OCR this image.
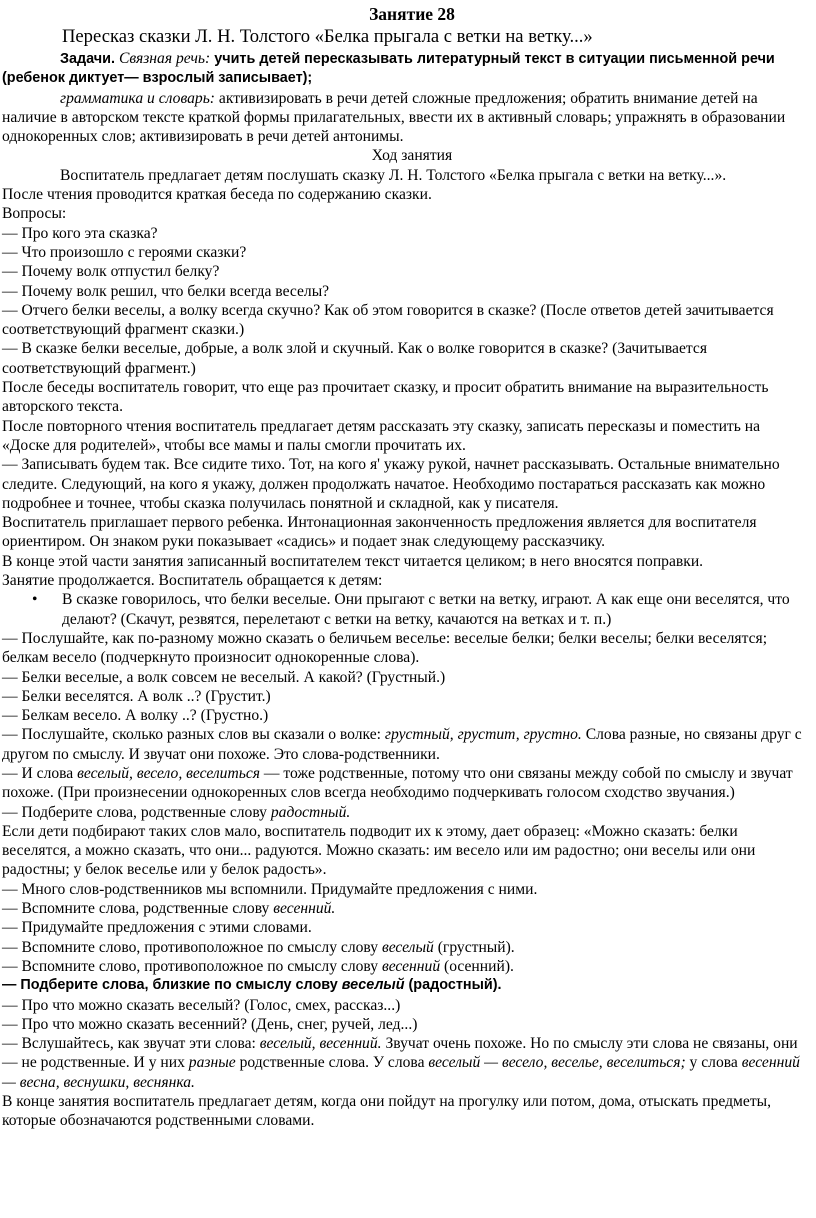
Занятие 28

Пересказ сказки Л. Н. Толстого «Белка прыгала с ветки на ветку...»

Задачи. Связная речь: учить детей пересказывать литературный текст в ситуации письменной речи (ребенок диктует— взрослый записывает);

грамматика и словарь: активизировать в речи детей сложные предложения; обратить внимание детей на наличие в авторском тексте краткой формы прилагательных, ввести их в активный словарь; упражнять в образовании однокоренных слов; активизировать в речи детей антонимы.

Ход занятия

Воспитатель предлагает детям послушать сказку Л. Н. Толстого «Белка прыгала с ветки на ветку...».

После чтения проводится краткая беседа по содержанию сказки.

Вопросы:

— Про кого эта сказка?

— Что произошло с героями сказки?

— Почему волк отпустил белку?

— Почему волк решил, что белки всегда веселы?

— Отчего белки веселы, а волку всегда скучно? Как об этом говорится в сказке? (После ответов детей зачитывается соответствующий фрагмент сказки.)

— В сказке белки веселые, добрые, а волк злой и скучный. Как о волке говорится в сказке? (Зачитывается соответствующий фрагмент.)

После беседы воспитатель говорит, что еще раз прочитает сказку, и просит обратить внимание на выразительность авторского текста.

После повторного чтения воспитатель предлагает детям рассказать эту сказку, записать пересказы и поместить на «Доске для родителей», чтобы все мамы и палы смогли прочитать их.

— Записывать будем так. Все сидите тихо. Тот, на кого я' укажу рукой, начнет рассказывать. Остальные внимательно следите. Следующий, на кого я укажу, должен продолжать начатое. Необходимо постараться рассказать как можно подробнее и точнее, чтобы сказка получилась понятной и складной, как у писателя.

Воспитатель приглашает первого ребенка. Интонационная законченность предложения является для воспитателя ориентиром. Он знаком руки показывает «садись» и подает знак следующему рассказчику.

В конце этой части занятия записанный воспитателем текст читается целиком; в него вносятся поправки.

Занятие продолжается. Воспитатель обращается к детям:

• В сказке говорилось, что белки веселые. Они прыгают с ветки на ветку, играют. А как еще они веселятся, что делают? (Скачут, резвятся, перелетают с ветки на ветку, качаются на ветках и т. п.)

— Послушайте, как по-разному можно сказать о беличьем веселье: веселые белки; белки веселы; белки веселятся; белкам весело (подчеркнуто произносит однокоренные слова).

— Белки веселые, а волк совсем не веселый. А какой? (Грустный.)

— Белки веселятся. А волк ..? (Грустит.)

— Белкам весело. А волку ..? (Грустно.)

— Послушайте, сколько разных слов вы сказали о волке: грустный, грустит, грустно. Слова разные, но связаны друг с другом по смыслу. И звучат они похоже. Это слова-родственники.

— И слова веселый, весело, веселиться — тоже родственные, потому что они связаны между собой по смыслу и звучат похоже. (При произнесении однокоренных слов всегда необходимо подчеркивать голосом сходство звучания.)

— Подберите слова, родственные слову радостный.

Если дети подбирают таких слов мало, воспитатель подводит их к этому, дает образец: «Можно сказать: белки веселятся, а можно сказать, что они... радуются. Можно сказать: им весело или им радостно; они веселы или они радостны; у белок веселье или у белок радость».

— Много слов-родственников мы вспомнили. Придумайте предложения с ними.

— Вспомните слова, родственные слову весенний.

— Придумайте предложения с этими словами.

— Вспомните слово, противоположное по смыслу слову веселый (грустный).

— Вспомните слово, противоположное по смыслу слову весенний (осенний).

— Подберите слова, близкие по смыслу слову веселый (радостный).

— Про что можно сказать веселый? (Голос, смех, рассказ...)

— Про что можно сказать весенний? (День, снег, ручей, лед...)

— Вслушайтесь, как звучат эти слова: веселый, весенний. Звучат очень похоже. Но по смыслу эти слова не связаны, они — не родственные. И у них разные родственные слова. У слова веселый — весело, веселье, веселиться; у слова весенний — весна, веснушки, веснянка.

В конце занятия воспитатель предлагает детям, когда они пойдут на прогулку или потом, дома, отыскать предметы, которые обозначаются родственными словами.
